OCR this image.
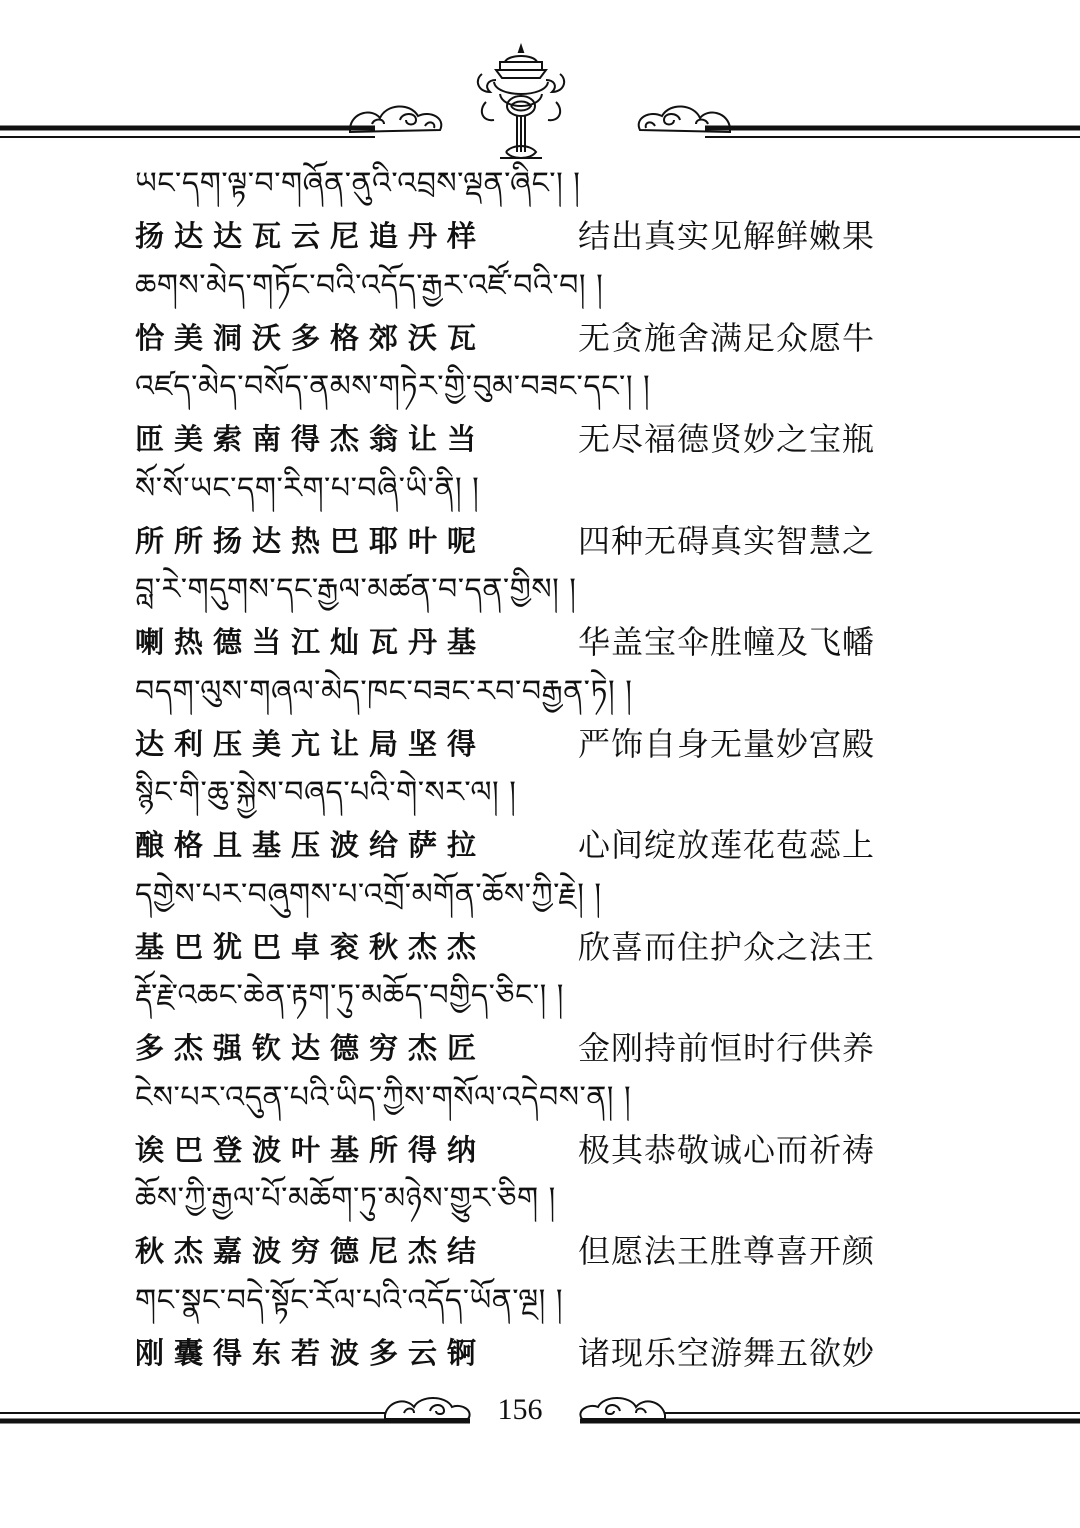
ཡང་དག་ལྟ་བ་གཞོན་ནུའི་འབྲས་ལྡན་ཞིང་། །
扬达达瓦云尼追丹样	结出真实见解鲜嫩果
ཆགས་མེད་གཏོང་བའི་འདོད་རྒྱར་འཛོ་བའི་བ། །
恰美洞沃多格郊沃瓦	无贪施舍满足众愿牛
འཛད་མེད་བསོད་ནམས་གཏེར་གྱི་བུམ་བཟང་དང་། །
匝美索南得杰翁让当	无尽福德贤妙之宝瓶
སོ་སོ་ཡང་དག་རིག་པ་བཞི་ཡི་ནི། །
所所扬达热巴耶叶呢	四种无碍真实智慧之
བླ་རེ་གདུགས་དང་རྒྱལ་མཚན་བ་དན་གྱིས། །
喇热德当江灿瓦丹基	华盖宝伞胜幢及飞幡
བདག་ལུས་གཞལ་མེད་ཁང་བཟང་རབ་བརྒྱན་ཏེ། །
达利压美亢让局坚得	严饰自身无量妙宫殿
སྙིང་གི་ཆུ་སྐྱེས་བཞད་པའི་གེ་སར་ལ། །
酿格且基压波给萨拉	心间绽放莲花苞蕊上
དགྱེས་པར་བཞུགས་པ་འགྲོ་མགོན་ཆོས་ཀྱི་རྗེ། །
基巴犹巴卓衮秋杰杰	欣喜而住护众之法王
རྡོ་རྗེ་འཆང་ཆེན་རྟག་ཏུ་མཆོད་བགྱིད་ཅིང་། །
多杰强钦达德穷杰匠	金刚持前恒时行供养
ངེས་པར་འདུན་པའི་ཡིད་ཀྱིས་གསོལ་འདེབས་ན། །
诶巴登波叶基所得纳	极其恭敬诚心而祈祷
ཆོས་ཀྱི་རྒྱལ་པོ་མཆོག་ཏུ་མཉེས་གྱུར་ཅིག །
秋杰嘉波穷德尼杰结	但愿法王胜尊喜开颜
གང་སྣང་བདེ་སྟོང་རོལ་པའི་འདོད་ཡོན་ལྔ། །
刚囊得东若波多云锕	诸现乐空游舞五欲妙
156
